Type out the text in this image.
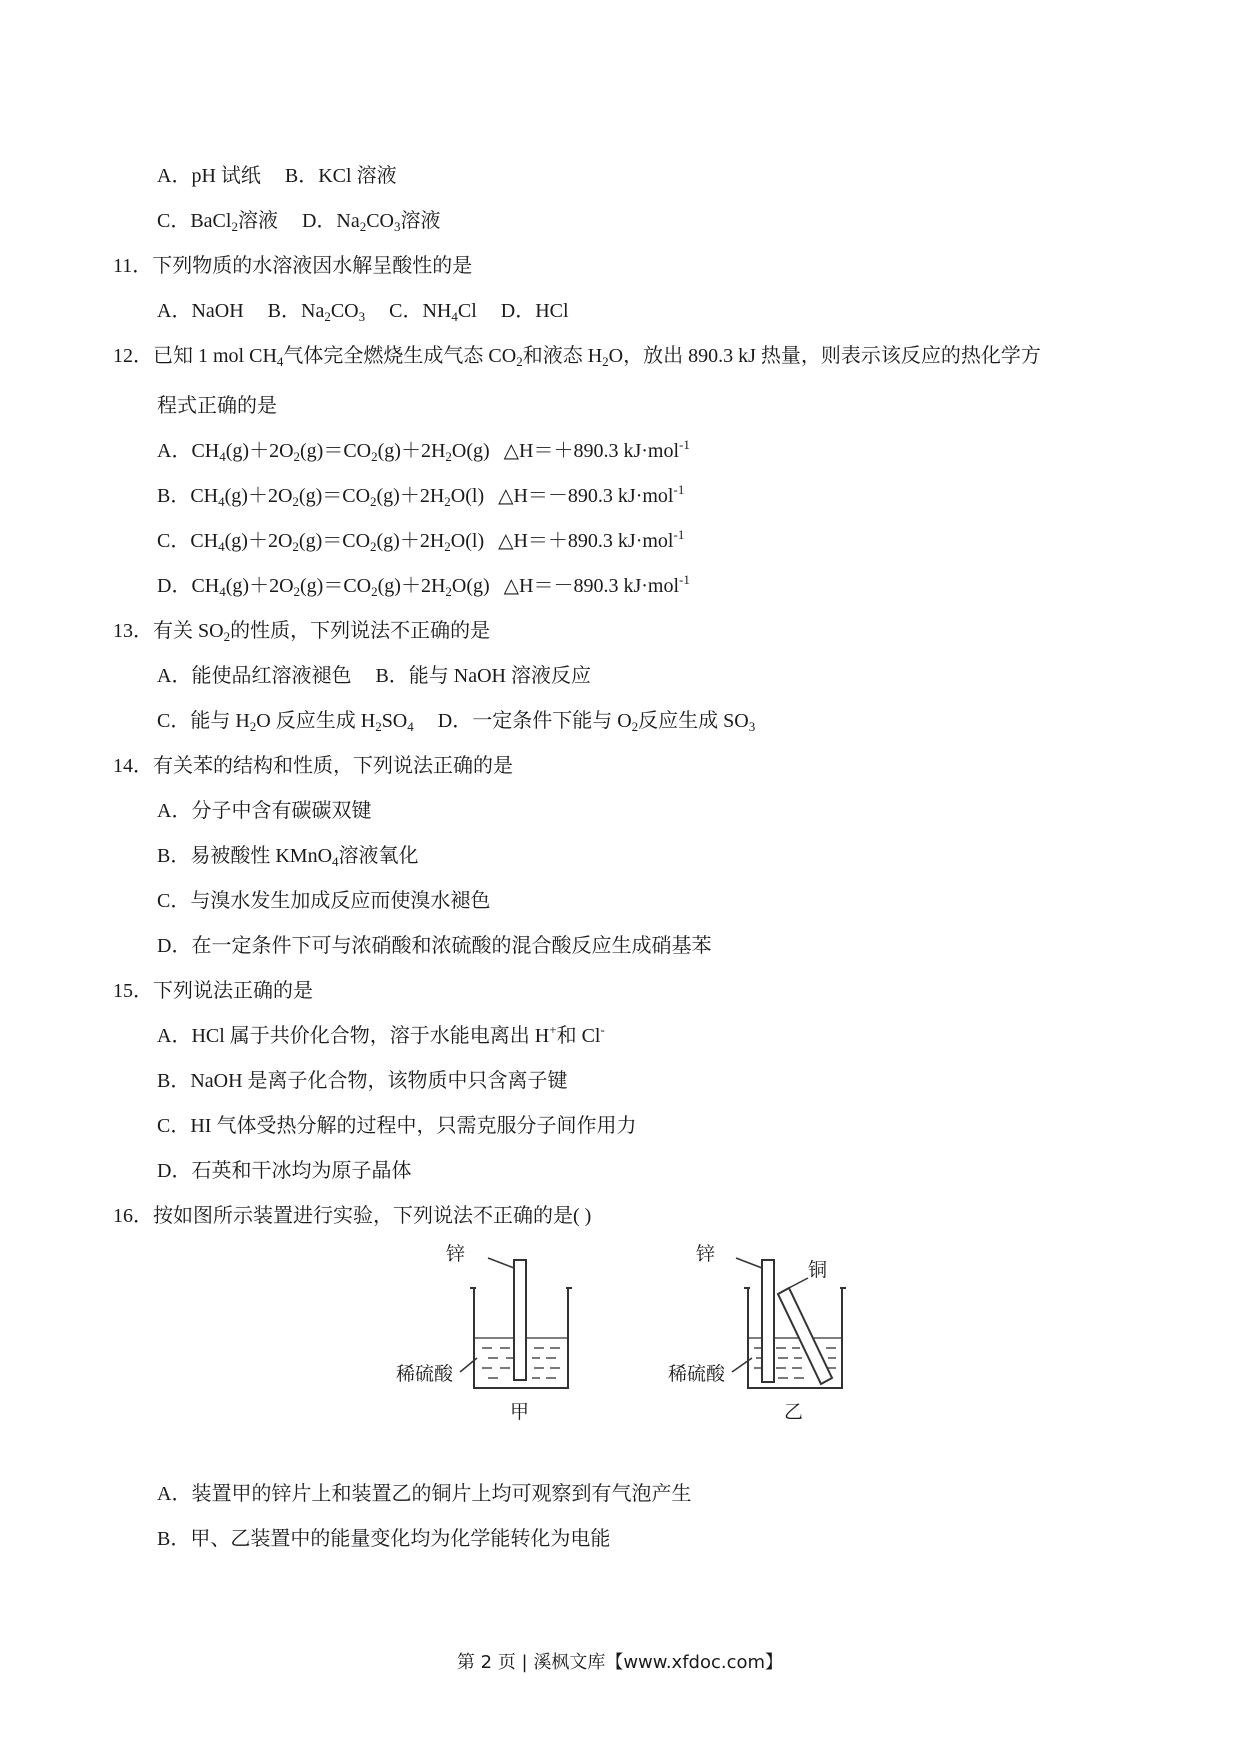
A．pH 试纸 B．KCl 溶液
C．BaCl$_2$溶液 D．$Na_2CO_3$溶液
11．下列物质的水溶液因水解呈酸性的是
A．NaOH B．$Na_2CO_3$ C．$NH_4Cl$ D．HCl
12．已知 1 mol $CH_4$气体完全燃烧生成气态 $CO_2$和液态 $H_2O$，放出 890.3 kJ 热量，则表示该反应的热化学方
程式正确的是
A．$CH_4(g)+2O_2(g)=CO_2(g)+2H_2O(g)$ △H＝＋890.3 kJ·mol$^{-1}$
B．$CH_4(g)+2O_2(g)=CO_2(g)+2H_2O(l)$ △H＝－890.3 kJ·mol$^{-1}$
C．$CH_4(g)+2O_2(g)=CO_2(g)+2H_2O(l)$ △H＝＋890.3 kJ·mol$^{-1}$
D．$CH_4(g)+2O_2(g)=CO_2(g)+2H_2O(g)$ △H＝－890.3 kJ·mol$^{-1}$
13．有关 $SO_2$的性质，下列说法不正确的是
A．能使品红溶液褪色 B．能与 NaOH 溶液反应
C．能与 $H_2O$ 反应生成 $H_2SO_4$ D．一定条件下能与 $O_2$反应生成 $SO_3$
14．有关苯的结构和性质，下列说法正确的是
A．分子中含有碳碳双键
B．易被酸性 KMnO$_4$溶液氧化
C．与溴水发生加成反应而使溴水褪色
D．在一定条件下可与浓硝酸和浓硫酸的混合酸反应生成硝基苯
15．下列说法正确的是
A．HCl 属于共价化合物，溶于水能电离出 H+和 Cl-
B．NaOH 是离子化合物，该物质中只含离子键
C．HI 气体受热分解的过程中，只需克服分子间作用力
D．石英和干冰均为原子晶体
16．按如图所示装置进行实验，下列说法不正确的是( )
锌
稀硫酸
甲
锌
铜
稀硫酸
乙
A．装置甲的锌片上和装置乙的铜片上均可观察到有气泡产生
B．甲、乙装置中的能量变化均为化学能转化为电能
第 2 页 | 溪枫文库【www.xfdoc.com】
